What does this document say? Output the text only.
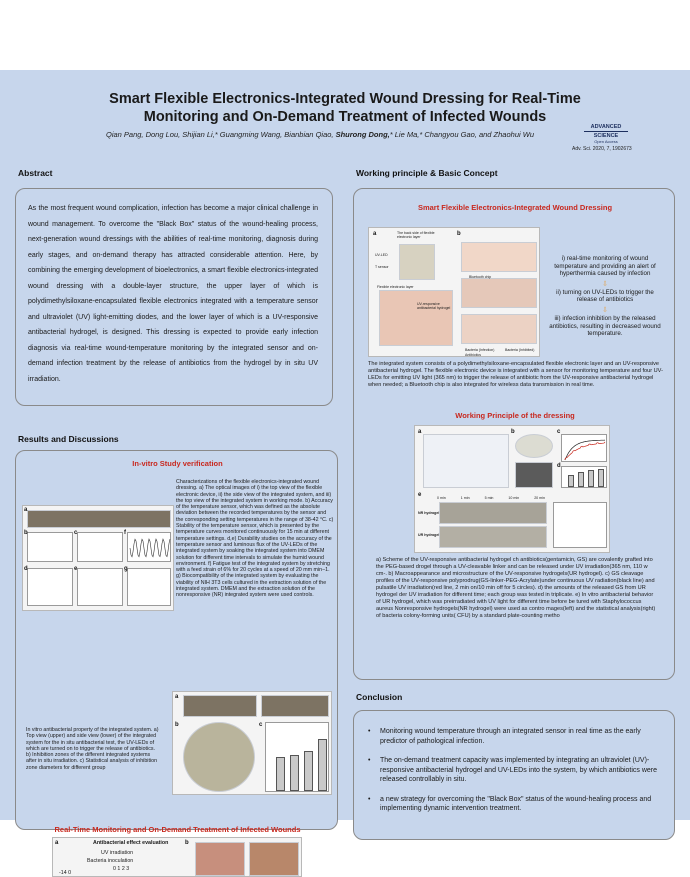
Smart Flexible Electronics-Integrated Wound Dressing for Real-Time
Monitoring and On-Demand Treatment of Infected Wounds
Qian Pang, Dong Lou, Shijian Li,* Guangming Wang, Bianbian Qiao, Shurong Dong,* Lie Ma,* Changyou Gao, and Zhaohui Wu
ADVANCED
SCIENCE
Open Access
Adv. Sci. 2020, 7, 1902673
Abstract
As the most frequent wound complication, infection has become a major clinical challenge in wound management. To overcome the "Black Box" status of the wound-healing process, next-generation wound dressings with the abilities of real-time monitoring, diagnosis during early stages, and on-demand therapy has attracted considerable attention. Here, by combining the emerging development of bioelectronics, a smart flexible electronics-integrated wound dressing with a double-layer structure, the upper layer of which is polydimethylsiloxane-encapsulated flexible electronics integrated with a temperature sensor and ultraviolet (UV) light-emitting diodes, and the lower layer of which is a UV-responsive antibacterial hydrogel, is designed. This dressing is expected to provide early infection diagnosis via real-time wound-temperature monitoring by the integrated sensor and on-demand infection treatment by the release of antibiotics from the hydrogel by in situ UV irradiation.
Results and Discussions
In-vitro Study verification
a
b	c	f
d	e	g
Characterizations of the flexible electronics-integrated wound dressing. a) The optical images of i) the top view of the flexible electronic device, ii) the side view of the integrated system, and iii) the top view of the integrated system in working mode. b) Accuracy of the temperature sensor, which was defined as the absolute deviation between the recorded temperatures by the sensor and the corresponding setting temperatures in the range of 38-42 °C. c) Stability of the temperature sensor, which is presented by the temperature curves monitored continuously for 15 min at different temperature settings. d,e) Durability studies on the accuracy of the temperature sensor and luminous flux of the UV-LEDs of the integrated system by soaking the integrated system into DMEM solution for different time intervals to simulate the humid wound environment. f) Fatigue test of the integrated system by stretching with a feed strain of 6% for 20 cycles at a speed of 20 mm min−1. g) Biocompatibility of the integrated system by evaluating the viability of NIH 3T3 cells cultured in the extraction solution of the integrated system. DMEM and the extraction solution of the nonresponsive (NR) integrated system were used controls.
In vitro antibacterial property of the integrated system. a) Top view (upper) and side view (lower) of the integrated system for the in situ antibacterial test, the UV-LEDs of which are turned on to trigger the release of antibiotics. b) Inhibition zones of the different integrated systems after in situ irradiation. c) Statistical analysis of inhibition zone diameters for different group
a
b	c
Real-Time Monitoring and On-Demand Treatment of Infected Wounds
a	b
Antibacterial effect evaluation
UV irradiation
Bacteria inoculation
0 1 2 3
-14 0
Working principle & Basic Concept
Smart Flexible Electronics-Integrated Wound Dressing
a	b
The back side of flexible electronic layer
UV-LED
T sensor
Flexible electronic layer
UV-responsive antibacterial hydrogel
Bacteria (Infection)
Antibiotics
Bacteria (Inhibited)
Bluetooth chip

i) real-time monitoring of wound temperature and providing an alert of hyperthermia caused by infection

⇩

ii) turning on UV-LEDs to trigger the release of antibiotics

⇩

iii) infection inhibition by the released antibiotics, resulting in decreased wound temperature.

The integrated system consists of a polydimethylsiloxane-encapsulated flexible electronic layer and an UV-responsive antibacterial hydrogel. The flexible electronic device is integrated with a sensor for monitoring temperature and four UV-LEDs for emitting UV light (365 nm) to trigger the release of antibiotic from the UV-responsive antibacterial hydrogel when needed; a Bluetooth chip is also integrated for wireless data transmission in real time.
Working Principle of the dressing
a	b	c
d
e	0 min	1 min	5 min	10 min	20 min
NR hydrogel
UR hydrogel
a) Scheme of the UV-responsive antibacterial hydrogel ch antibiotics(gentamicin, GS) are covalently grafted into the PEG-based drogel through a UV-cleavable linker and can be released under UV irradiation(365 nm, 110 w cm-. b) Macroappearance and microstructure of the UV-responsive hydrogels(UR hydrogel). c) GS cleavage profiles of the UV-responsive polyprodrug(GS-linker-PEG-Acrylate)under continuous UV radiation(black line) and pulsatile UV irradiation(red line, 2 min on/10 min off for 5 circles). d) the amounts of the released GS from UR hydrogel der UV irradiation for different time; each group was tested in triplicate. e) In vitro antibacterial behavior of UR hydrogel, which was preirradiated with UV light for different time before be tured with Staphylococcus aureus Nonresponsive hydrogels(NR hydrogel) were used as contro mages(left) and the statistical analysis(right) of bacteria colony-forming units( CFU) by a standard plate-counting metho
Conclusion
• Monitoring wound temperature through an integrated sensor in real time as the early predictor of pathological infection.
• The on-demand treatment capacity was implemented by integrating an ultraviolet (UV)-responsive antibacterial hydrogel and UV-LEDs into the system, by which antibiotics were released controllably in situ.
• a new strategy for overcoming the "Black Box" status of the wound-healing process and implementing dynamic intervention treatment.
